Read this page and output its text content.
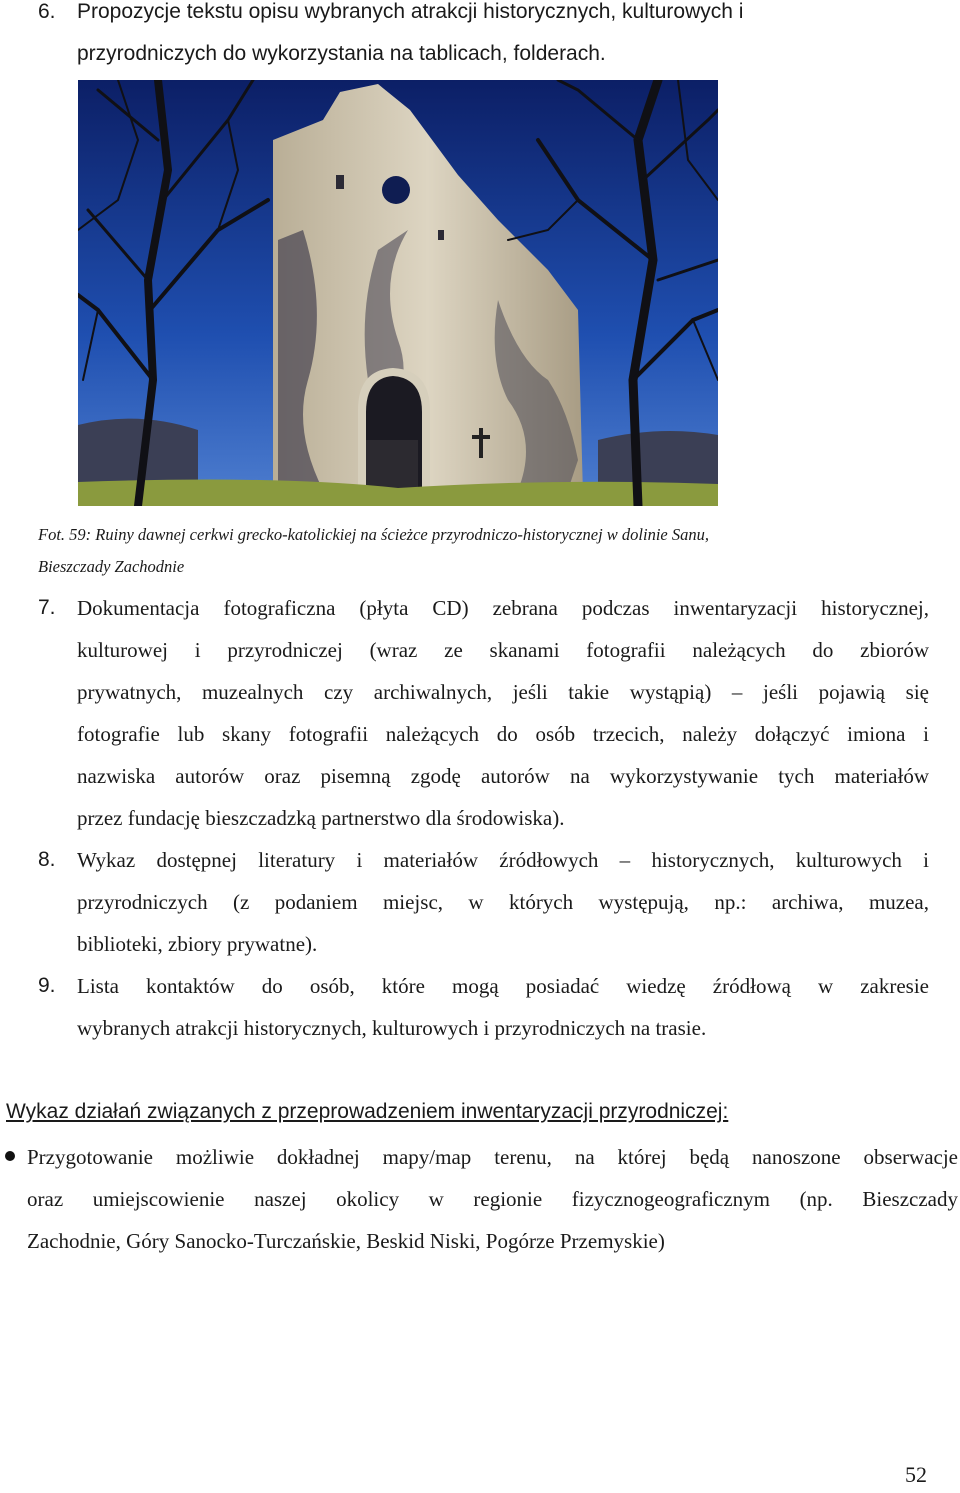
6. Propozycje tekstu opisu wybranych atrakcji historycznych, kulturowych i
przyrodniczych do wykorzystania na tablicach, folderach.
Fot. 59: Ruiny dawnej cerkwi grecko-katolickiej na ścieżce przyrodniczo-historycznej w dolinie Sanu,
Bieszczady Zachodnie
7. Dokumentacja fotograficzna (płyta CD) zebrana podczas inwentaryzacji historycznej,
kulturowej i przyrodniczej (wraz ze skanami fotografii należących do zbiorów
prywatnych, muzealnych czy archiwalnych, jeśli takie wystąpią) – jeśli pojawią się
fotografie lub skany fotografii należących do osób trzecich, należy dołączyć imiona i
nazwiska autorów oraz pisemną zgodę autorów na wykorzystywanie tych materiałów
przez fundację bieszczadzką partnerstwo dla środowiska).
8. Wykaz dostępnej literatury i materiałów źródłowych – historycznych, kulturowych i
przyrodniczych (z podaniem miejsc, w których występują, np.: archiwa, muzea,
biblioteki, zbiory prywatne).
9. Lista kontaktów do osób, które mogą posiadać wiedzę źródłową w zakresie
wybranych atrakcji historycznych, kulturowych i przyrodniczych na trasie.
Wykaz działań związanych z przeprowadzeniem inwentaryzacji przyrodniczej:
Przygotowanie możliwie dokładnej mapy/map terenu, na której będą nanoszone obserwacje
oraz umiejscowienie naszej okolicy w regionie fizycznogeograficznym (np. Bieszczady
Zachodnie, Góry Sanocko-Turczańskie, Beskid Niski, Pogórze Przemyskie)
52
